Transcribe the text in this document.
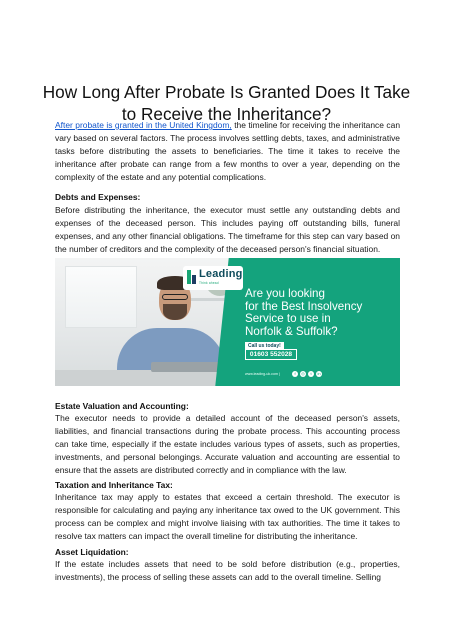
How Long After Probate Is Granted Does It Take to Receive the Inheritance?

After probate is granted in the United Kingdom, the timeline for receiving the inheritance can vary based on several factors. The process involves settling debts, taxes, and administrative tasks before distributing the assets to beneficiaries. The time it takes to receive the inheritance after probate can range from a few months to over a year, depending on the complexity of the estate and any potential complications.

Debts and Expenses:

Before distributing the inheritance, the executor must settle any outstanding debts and expenses of the deceased person. This includes paying off outstanding bills, funeral expenses, and any other financial obligations. The timeframe for this step can vary based on the number of creditors and the complexity of the deceased person's financial situation.

Leading
Think ahead
Are you looking
for the Best Insolvency
Service to use in
Norfolk & Suffolk?
Call us today!
01603 552028
www.leading-uk.com |	f	◎	t	in
Estate Valuation and Accounting:

The executor needs to provide a detailed account of the deceased person's assets, liabilities, and financial transactions during the probate process. This accounting process can take time, especially if the estate includes various types of assets, such as properties, investments, and personal belongings. Accurate valuation and accounting are essential to ensure that the assets are distributed correctly and in compliance with the law.

Taxation and Inheritance Tax:

Inheritance tax may apply to estates that exceed a certain threshold. The executor is responsible for calculating and paying any inheritance tax owed to the UK government. This process can be complex and might involve liaising with tax authorities. The time it takes to resolve tax matters can impact the overall timeline for distributing the inheritance.

Asset Liquidation:

If the estate includes assets that need to be sold before distribution (e.g., properties, investments), the process of selling these assets can add to the overall timeline. Selling
